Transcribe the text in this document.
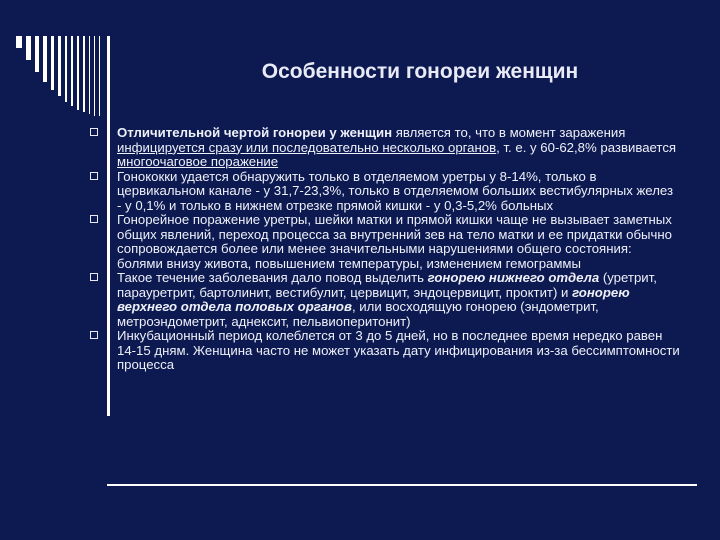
Особенности гонореи женщин
Отличительной чертой гонореи у женщин является то, что в момент заражения инфицируется сразу или последовательно несколько органов, т. е. у 60-62,8% развивается многоочаговое поражение
Гонококки удается обнаружить только в отделяемом уретры у 8-14%, только в цервикальном канале - у 31,7-23,3%, только в отделяемом больших вестибулярных желез - у 0,1% и только в нижнем отрезке прямой кишки - у 0,3-5,2% больных
Гонорейное поражение уретры, шейки матки и прямой кишки чаще не вызывает заметных общих явлений, переход процесса за внутренний зев на тело матки и ее придатки обычно сопровождается более или менее значительными нарушениями общего состояния: болями внизу живота, повышением температуры, изменением гемограммы
Такое течение заболевания дало повод выделить гонорею нижнего отдела (уретрит, парауретрит, бартолинит, вестибулит, цервицит, эндоцервицит, проктит) и гонорею верхнего отдела половых органов, или восходящую гонорею (эндометрит, метроэндометрит, аднексит, пельвиоперитонит)
Инкубационный период колеблется от 3 до 5 дней, но в последнее время нередко равен 14-15 дням. Женщина часто не может указать дату инфицирования из-за бессимптомности процесса
